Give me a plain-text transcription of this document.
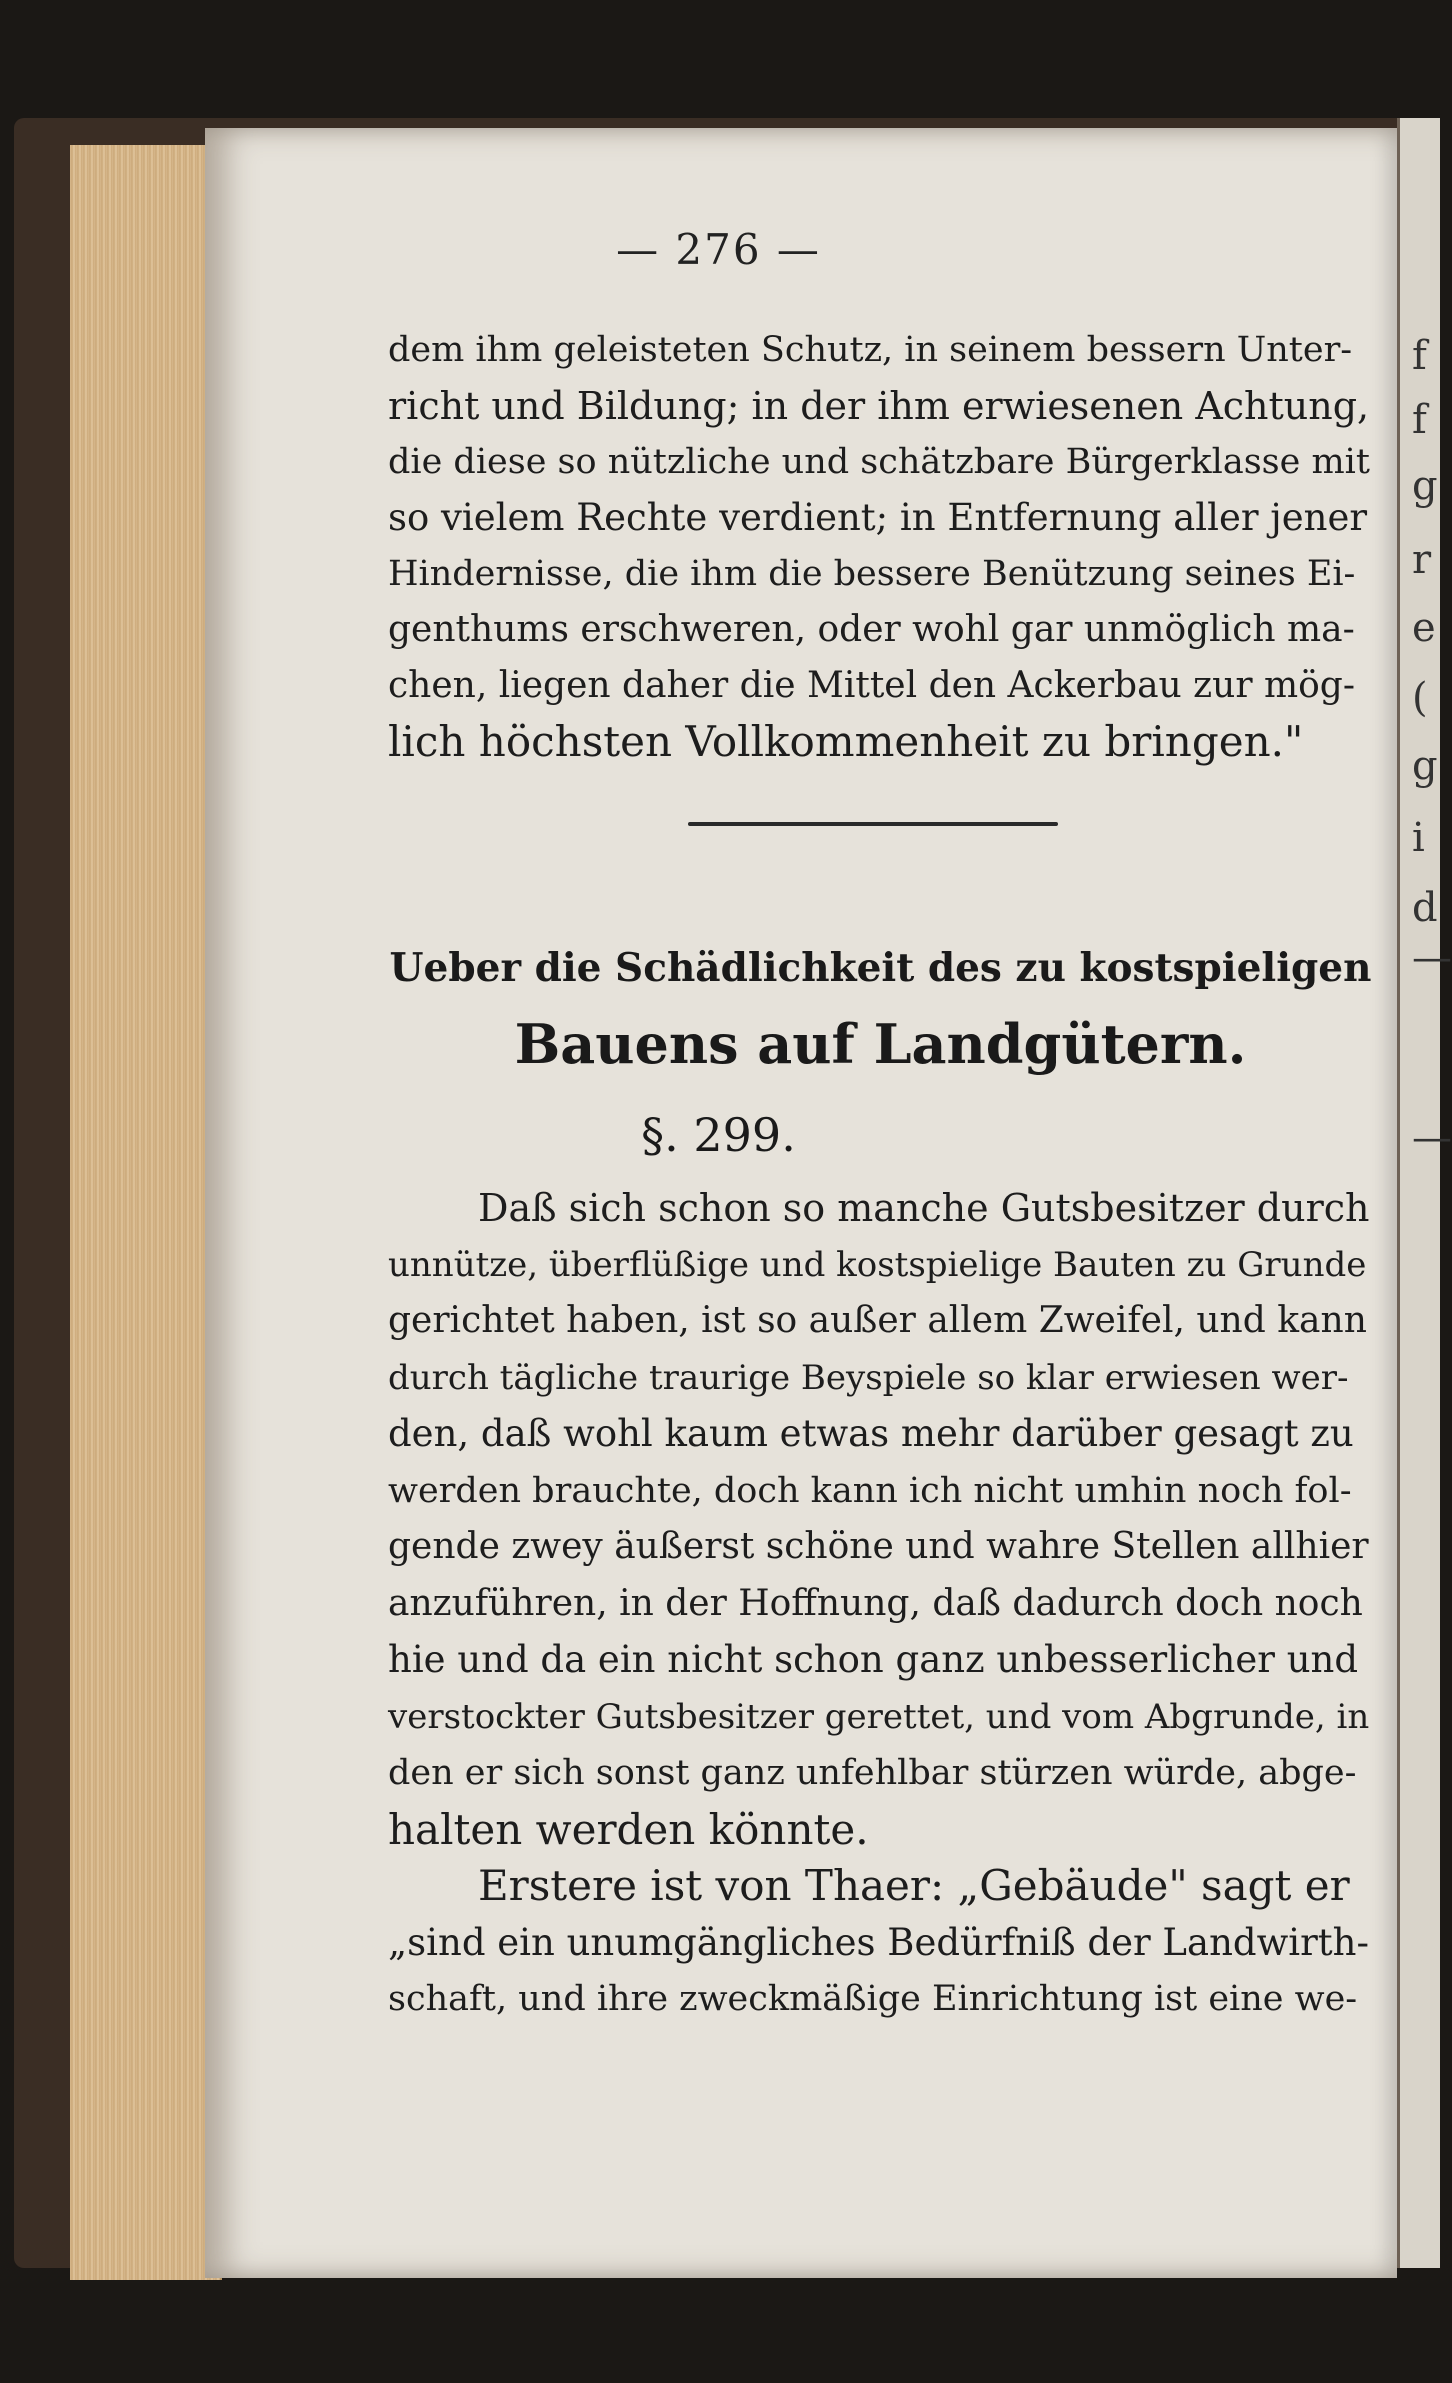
f
f
g
r
e
(
g
i
d
—
—
— 276 —

dem ihm geleisteten Schutz, in seinem bessern Unter-
richt und Bildung; in der ihm erwiesenen Achtung,
die diese so nützliche und schätzbare Bürgerklasse mit
so vielem Rechte verdient; in Entfernung aller jener
Hindernisse, die ihm die bessere Benützung seines Ei-
genthums erschweren, oder wohl gar unmöglich ma-
chen, liegen daher die Mittel den Ackerbau zur mög-
lich höchsten Vollkommenheit zu bringen."

Ueber die Schädlichkeit des zu kostspieligen
Bauens auf Landgütern.
§. 299.

Daß sich schon so manche Gutsbesitzer durch
unnütze, überflüßige und kostspielige Bauten zu Grunde
gerichtet haben, ist so außer allem Zweifel, und kann
durch tägliche traurige Beyspiele so klar erwiesen wer-
den, daß wohl kaum etwas mehr darüber gesagt zu
werden brauchte, doch kann ich nicht umhin noch fol-
gende zwey äußerst schöne und wahre Stellen allhier
anzuführen, in der Hoffnung, daß dadurch doch noch
hie und da ein nicht schon ganz unbesserlicher und
verstockter Gutsbesitzer gerettet, und vom Abgrunde, in
den er sich sonst ganz unfehlbar stürzen würde, abge-
halten werden könnte.

Erstere ist von Thaer: „Gebäude" sagt er
„sind ein unumgängliches Bedürfniß der Landwirth-
schaft, und ihre zweckmäßige Einrichtung ist eine we-
